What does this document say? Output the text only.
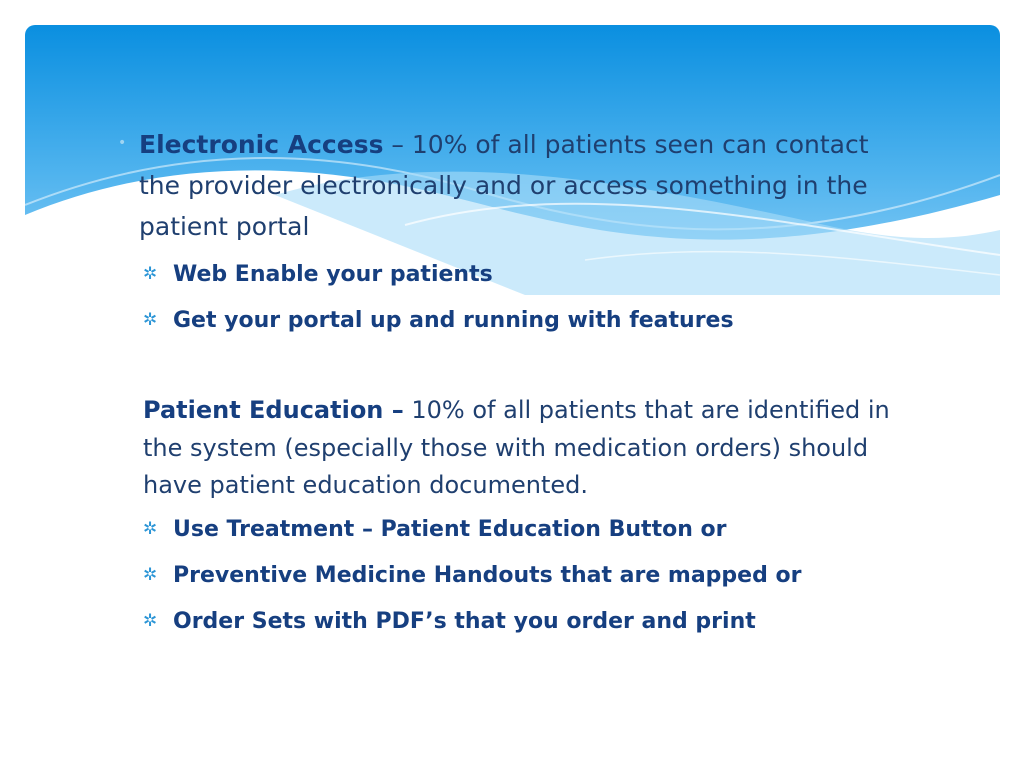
• Electronic Access – 10% of all patients seen can contact the provider electronically and or access something in the patient portal
✲ Web Enable your patients
✲ Get your portal up and running with features
Patient Education – 10% of all patients that are identified in the system (especially those with medication orders) should have patient education documented.
✲ Use Treatment – Patient Education Button or
✲ Preventive Medicine Handouts that are mapped or
✲ Order Sets with PDF’s that you order and print
